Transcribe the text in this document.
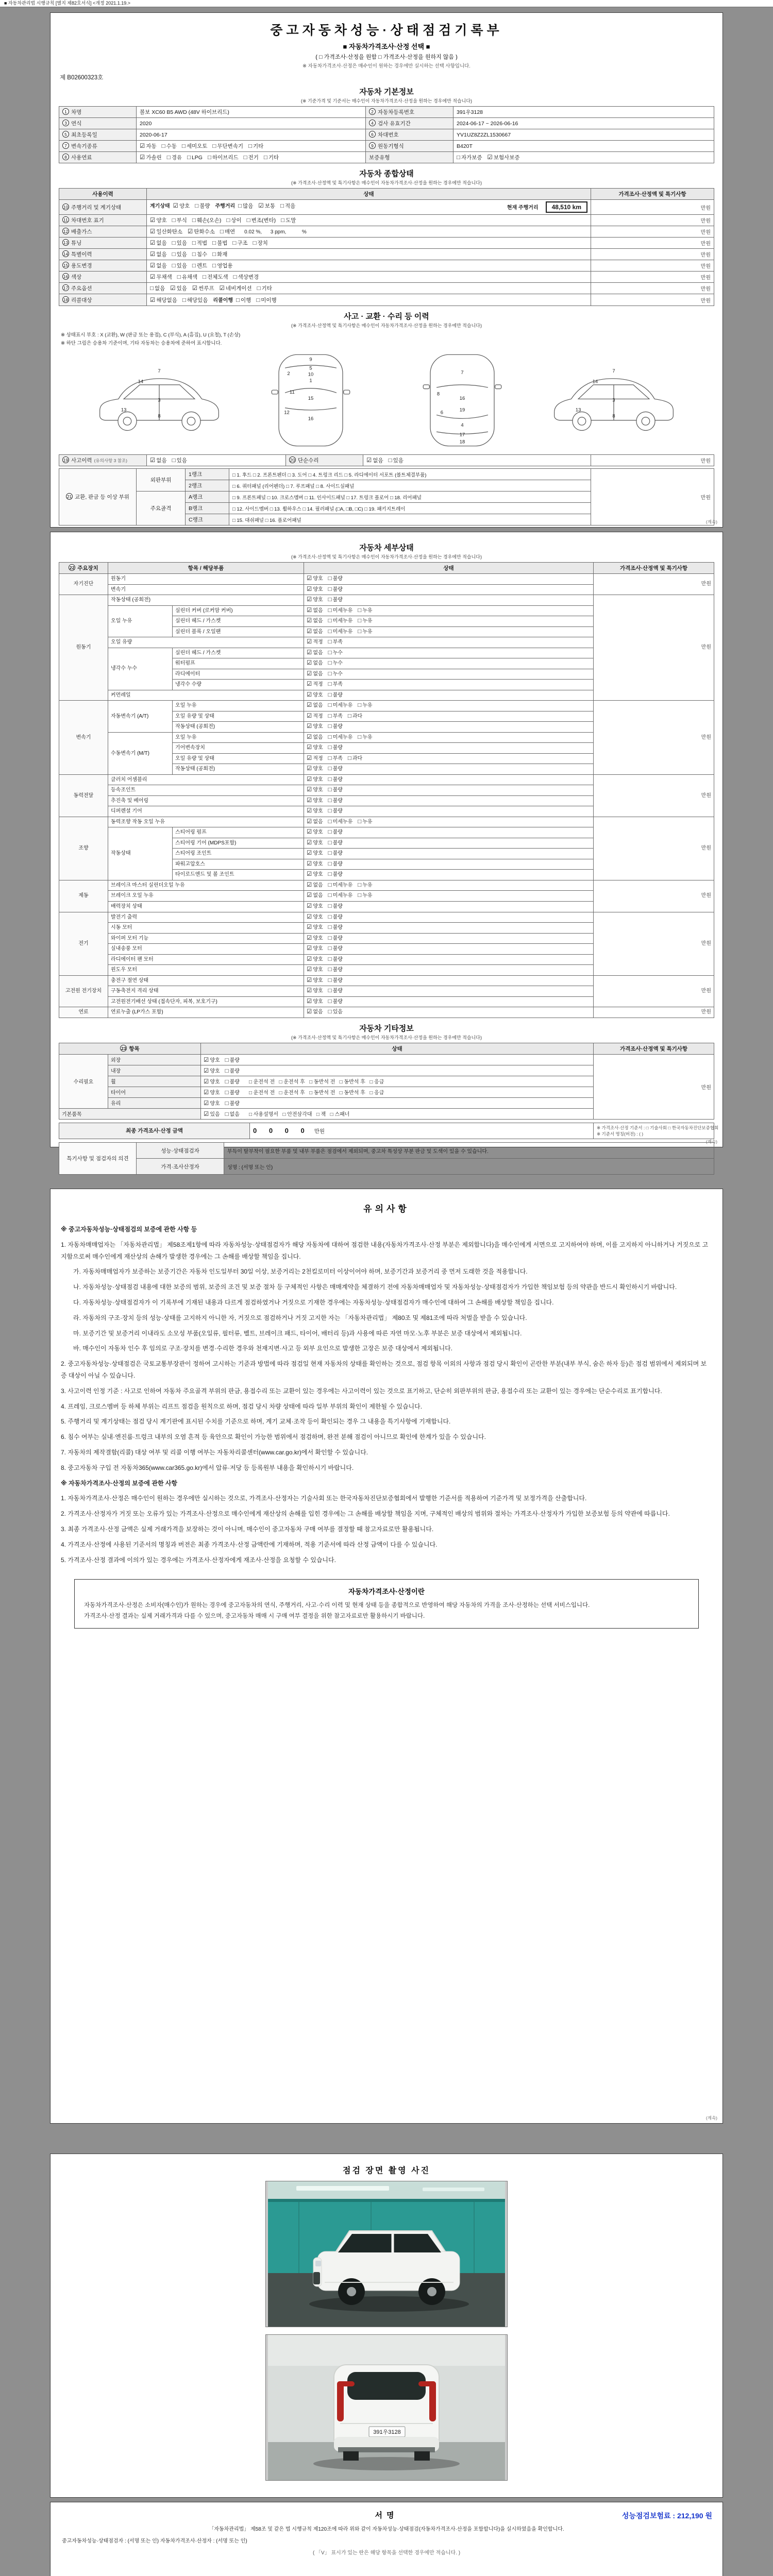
■ 자동차관리법 시행규칙 [별지 제82호서식] <개정 2021.1.19.>
중고자동차성능·상태점검기록부
■ 자동차가격조사·산정 선택 ■
( □ 가격조사·산정을 원함 □ 가격조사·산정을 원하지 않음 )
※ 자동차가격조사·산정은 매수인이 원하는 경우에만 실시하는 선택 사항입니다.
제 B02600323호
자동차 기본정보
(※ 기준가격 및 기준서는 매수인이 자동차가격조사·산정을 원하는 경우에만 적습니다)
1 차명	볼보 XC60 B5 AWD (48V 하이브리드)	2 자동차등록번호	391우3128
3 연식	2020	4 검사 유효기간	2024-06-17 ~ 2026-06-16
5 최초등록일	2020-06-17	6 차대번호	YV1UZ8Z2ZL1530667
7 변속기종류	☑ 자동 □ 수동 □ 세미오토 □ 무단변속기 □ 기타	9 원동기형식	B420T
8 사용연료	☑ 가솔린 □ 경유 □ LPG □ 하이브리드 □ 전기 □ 기타	보증유형	□ 자가보증 ☑ 보험사보증
자동차 종합상태
(※ 가격조사·산정액 및 특기사항은 매수인이 자동차가격조사·산정을 원하는 경우에만 적습니다)
사용이력	상태	가격조사·산정액 및 특기사항
10 주행거리 및 계기상태	계기상태 ☑ 양호 □ 불량 주행거리 □ 많음 ☑ 보통 □ 적음 현재 주행거리 48,510 km	만원
11 차대번호 표기	☑ 양호 □ 부식 □ 훼손(오손) □ 상이 □ 변조(변타) □ 도말	만원
12 배출가스	☑ 일산화탄소 ☑ 탄화수소 □ 매연 0.02 %,      3 ppm,           %	만원
13 튜닝	☑ 없음 □ 있음 □ 적법 □ 불법 □ 구조 □ 장치	만원
14 특별이력	☑ 없음 □ 있음 □ 침수 □ 화재	만원
15 용도변경	☑ 없음 □ 있음 □ 렌트 □ 영업용	만원
16 색상	☑ 무채색 □ 유채색 □ 전체도색 □ 색상변경	만원
17 주요옵션	□ 없음 ☑ 있음 ☑ 썬루프 ☑ 네비게이션 □ 기타	만원
18 리콜대상	☑ 해당없음 □ 해당있음 리콜이행 □ 이행 □ 미이행	만원
사고 · 교환 · 수리 등 이력
(※ 가격조사·산정액 및 특기사항은 매수인이 자동차가격조사·산정을 원하는 경우에만 적습니다)
※ 상태표시 부호 : X (교환), W (판금 또는 용접), C (부식), A (흠집), U (요철), T (손상)
※ 하단 그림은 승용차 기준이며, 기타 자동차는 승용차에 준하여 표시합니다.
3
7
8
13
14	1
2
5
9
10
11
12
15
16
4
6
7
8
16
17
18
19
3
7
8
13
14
19 사고이력 (유의사항 3 참조)	☑ 없음 □ 있음	20 단순수리	☑ 없음 □ 있음	만원
21 교환, 판금 등 이상 부위	외판부위	1랭크	□ 1. 후드 □ 2. 프론트펜더 □ 3. 도어 □ 4. 트렁크 리드 □ 5. 라디에이터 서포트 (볼트체결부품)	만원
		2랭크	□ 6. 쿼터패널 (리어펜더) □ 7. 루프패널 □ 8. 사이드실패널	
	주요골격	A랭크	□ 9. 프론트패널 □ 10. 크로스멤버 □ 11. 인사이드패널 □ 17. 트렁크 플로어 □ 18. 리어패널	
		B랭크	□ 12. 사이드멤버 □ 13. 휠하우스 □ 14. 필러패널 (□A, □B, □C) □ 19. 패키지트레이	
		C랭크	□ 15. 대쉬패널 □ 16. 플로어패널		(계속)
자동차 세부상태
(※ 가격조사·산정액 및 특기사항은 매수인이 자동차가격조사·산정을 원하는 경우에만 적습니다)
22 주요장치	항목 / 해당부품		상태	가격조사·산정액 및 특기사항
자기진단	원동기		☑ 양호 □ 불량	만원
	변속기		☑ 양호 □ 불량	
원동기	작동상태 (공회전)		☑ 양호 □ 불량	만원
	오일 누유	실린더 커버 (로커암 커버)	☑ 없음 □ 미세누유 □ 누유	
		실린더 헤드 / 가스켓	☑ 없음 □ 미세누유 □ 누유	
		실린더 블록 / 오일팬	☑ 없음 □ 미세누유 □ 누유	
	오일 유량		☑ 적정 □ 부족	
	냉각수 누수	실린더 헤드 / 가스켓	☑ 없음 □ 누수	
		워터펌프	☑ 없음 □ 누수	
		라디에이터	☑ 없음 □ 누수	
		냉각수 수량	☑ 적정 □ 부족	
	커먼레일		☑ 양호 □ 불량	
변속기	자동변속기 (A/T)	오일 누유	☑ 없음 □ 미세누유 □ 누유	만원
		오일 유량 및 상태	☑ 적정 □ 부족 □ 과다	
		작동상태 (공회전)	☑ 양호 □ 불량	
	수동변속기 (M/T)	오일 누유	☑ 없음 □ 미세누유 □ 누유	
		기어변속장치	☑ 양호 □ 불량	
		오일 유량 및 상태	☑ 적정 □ 부족 □ 과다	
		작동상태 (공회전)	☑ 양호 □ 불량	
동력전달	클러치 어셈블리		☑ 양호 □ 불량	만원
	등속조인트		☑ 양호 □ 불량	
	추진축 및 베어링		☑ 양호 □ 불량	
	디퍼렌셜 기어		☑ 양호 □ 불량	
조향	동력조향 작동 오일 누유		☑ 없음 □ 미세누유 □ 누유	만원
	작동상태	스티어링 펌프	☑ 양호 □ 불량	
		스티어링 기어 (MDPS포함)	☑ 양호 □ 불량	
		스티어링 조인트	☑ 양호 □ 불량	
		파워고압호스	☑ 양호 □ 불량	
		타이로드엔드 및 볼 조인트	☑ 양호 □ 불량	
제동	브레이크 마스터 실린더오일 누유		☑ 없음 □ 미세누유 □ 누유	만원
	브레이크 오일 누유		☑ 없음 □ 미세누유 □ 누유	
	배력장치 상태		☑ 양호 □ 불량	
전기	발전기 출력		☑ 양호 □ 불량	만원
	시동 모터		☑ 양호 □ 불량	
	와이퍼 모터 기능		☑ 양호 □ 불량	
	실내송풍 모터		☑ 양호 □ 불량	
	라디에이터 팬 모터		☑ 양호 □ 불량	
	윈도우 모터		☑ 양호 □ 불량	
고전원 전기장치	충전구 절연 상태		☑ 양호 □ 불량	만원
	구동축전지 격리 상태		☑ 양호 □ 불량	
	고전원전기배선 상태 (접속단자, 피복, 보호기구)		☑ 양호 □ 불량	
연료	연료누출 (LP가스 포함)		☑ 없음 □ 있음	만원
자동차 기타정보
(※ 가격조사·산정액 및 특기사항은 매수인이 자동차가격조사·산정을 원하는 경우에만 적습니다)
23 항목		상태	가격조사·산정액 및 특기사항
수리필요	외장	☑ 양호 □ 불량	만원
	내장	☑ 양호 □ 불량	
	휠	☑ 양호 □ 불량 □ 운전석 전   □ 운전석 후   □ 동반석 전   □ 동반석 후   □ 응급	
	타이어	☑ 양호 □ 불량 □ 운전석 전   □ 운전석 후   □ 동반석 전   □ 동반석 후   □ 응급	
	유리	☑ 양호 □ 불량	
기본품목		☑ 있음 □ 없음 □ 사용설명서   □ 안전삼각대   □ 잭   □ 스패너	
최종 가격조사·산정 금액	0 0 0 0 만원	
※ 가격조사·산정 기준서 : □ 기술사회 □ 한국자동차진단보증협회
※ 기준서 명칭(버전) : ( )
특기사항 및 점검자의 의견	성능·상태점검자	부득이 탈부착이 필요한 부품 및 내부 부품은 점검에서 제외되며, 중고차 특성상 부분 판금 및 도색이 있을 수 있습니다.
	가격·조사산정자	성명 : (서명 또는 인)
(계속)
유의사항
※ 중고자동차성능·상태점검의 보증에 관한 사항 등
1. 자동차매매업자는 「자동차관리법」 제58조제1항에 따라 자동차성능·상태점검자가 해당 자동차에 대하여 점검한 내용(자동차가격조사·산정 부분은 제외합니다)을 매수인에게 서면으로 고지하여야 하며, 이를 고지하지 아니하거나 거짓으로 고지함으로써 매수인에게 재산상의 손해가 발생한 경우에는 그 손해를 배상할 책임을 집니다.
가. 자동차매매업자가 보증하는 보증기간은 자동차 인도일부터 30일 이상, 보증거리는 2천킬로미터 이상이어야 하며, 보증기간과 보증거리 중 먼저 도래한 것을 적용합니다.
나. 자동차성능·상태점검 내용에 대한 보증의 범위, 보증의 조건 및 보증 절차 등 구체적인 사항은 매매계약을 체결하기 전에 자동차매매업자 및 자동차성능·상태점검자가 가입한 책임보험 등의 약관을 반드시 확인하시기 바랍니다.
다. 자동차성능·상태점검자가 이 기록부에 기재된 내용과 다르게 점검하였거나 거짓으로 기재한 경우에는 자동차성능·상태점검자가 매수인에 대하여 그 손해를 배상할 책임을 집니다.
라. 자동차의 구조·장치 등의 성능·상태를 고지하지 아니한 자, 거짓으로 점검하거나 거짓 고지한 자는 「자동차관리법」 제80조 및 제81조에 따라 처벌을 받을 수 있습니다.
마. 보증기간 및 보증거리 이내라도 소모성 부품(오일류, 필터류, 벨트, 브레이크 패드, 타이어, 배터리 등)과 사용에 따른 자연 마모·노후 부분은 보증 대상에서 제외됩니다.
바. 매수인이 자동차 인수 후 임의로 구조·장치를 변경·수리한 경우와 천재지변·사고 등 외부 요인으로 발생한 고장은 보증 대상에서 제외됩니다.
2. 중고자동차성능·상태점검은 국토교통부장관이 정하여 고시하는 기준과 방법에 따라 점검일 현재 자동차의 상태를 확인하는 것으로, 점검 항목 이외의 사항과 점검 당시 확인이 곤란한 부분(내부 부식, 숨은 하자 등)은 점검 범위에서 제외되며 보증 대상이 아닐 수 있습니다.
3. 사고이력 인정 기준 : 사고로 인하여 자동차 주요골격 부위의 판금, 용접수리 또는 교환이 있는 경우에는 사고이력이 있는 것으로 표기하고, 단순히 외판부위의 판금, 용접수리 또는 교환이 있는 경우에는 단순수리로 표기합니다.
4. 프레임, 크로스멤버 등 하체 부위는 리프트 점검을 원칙으로 하며, 점검 당시 차량 상태에 따라 일부 부위의 확인이 제한될 수 있습니다.
5. 주행거리 및 계기상태는 점검 당시 계기판에 표시된 수치를 기준으로 하며, 계기 교체·조작 등이 확인되는 경우 그 내용을 특기사항에 기재합니다.
6. 침수 여부는 실내·엔진룸·트렁크 내부의 오염 흔적 등 육안으로 확인이 가능한 범위에서 점검하며, 완전 분해 점검이 아니므로 확인에 한계가 있을 수 있습니다.
7. 자동차의 제작결함(리콜) 대상 여부 및 리콜 이행 여부는 자동차리콜센터(www.car.go.kr)에서 확인할 수 있습니다.
8. 중고자동차 구입 전 자동차365(www.car365.go.kr)에서 압류·저당 등 등록원부 내용을 확인하시기 바랍니다.
※ 자동차가격조사·산정의 보증에 관한 사항
1. 자동차가격조사·산정은 매수인이 원하는 경우에만 실시하는 것으로, 가격조사·산정자는 기술사회 또는 한국자동차진단보증협회에서 발행한 기준서를 적용하여 기준가격 및 보정가격을 산출합니다.
2. 가격조사·산정자가 거짓 또는 오류가 있는 가격조사·산정으로 매수인에게 재산상의 손해를 입힌 경우에는 그 손해를 배상할 책임을 지며, 구체적인 배상의 범위와 절차는 가격조사·산정자가 가입한 보증보험 등의 약관에 따릅니다.
3. 최종 가격조사·산정 금액은 실제 거래가격을 보장하는 것이 아니며, 매수인이 중고자동차 구매 여부를 결정할 때 참고자료로만 활용됩니다.
4. 가격조사·산정에 사용된 기준서의 명칭과 버전은 최종 가격조사·산정 금액란에 기재하며, 적용 기준서에 따라 산정 금액이 다를 수 있습니다.
5. 가격조사·산정 결과에 이의가 있는 경우에는 가격조사·산정자에게 재조사·산정을 요청할 수 있습니다.
자동차가격조사·산정이란
자동차가격조사·산정은 소비자(매수인)가 원하는 경우에 중고자동차의 연식, 주행거리, 사고·수리 이력 및 현재 상태 등을 종합적으로 반영하여 해당 자동차의 가격을 조사·산정하는 선택 서비스입니다.
가격조사·산정 결과는 실제 거래가격과 다를 수 있으며, 중고자동차 매매 시 구매 여부 결정을 위한 참고자료로만 활용하시기 바랍니다.
(계속)
점검 장면 촬영 사진
391우3128
서명	성능점검보험료 : 212,190 원
「자동차관리법」 제58조 및 같은 법 시행규칙 제120조에 따라 위와 같이 자동차성능·상태점검(자동차가격조사·산정을 포함합니다)을 실시하였음을 확인합니다.
중고자동차성능·상태점검자 : (서명 또는 인) 자동차가격조사·산정자 : (서명 또는 인)
( 「V」 표시가 있는 란은 해당 항목을 선택한 경우에만 적습니다. )
